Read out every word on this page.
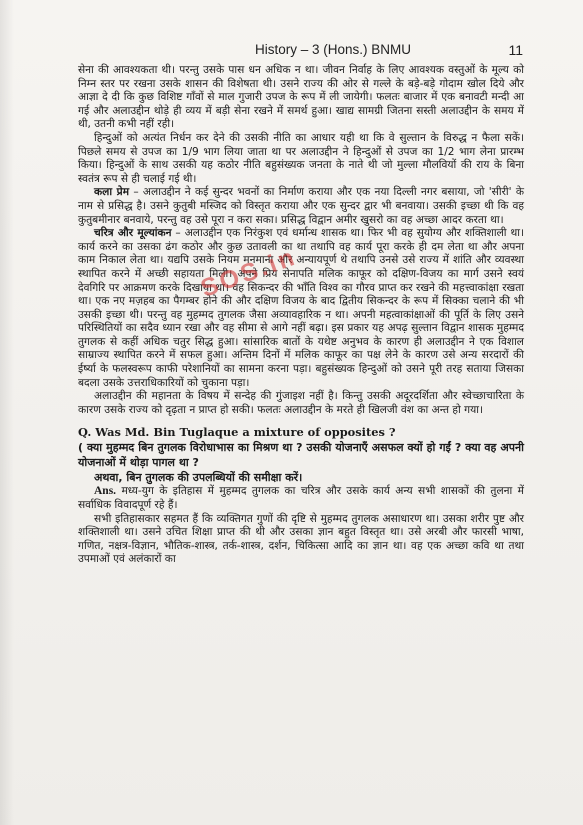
History – 3 (Hons.) BNMU	11

सेना की आवश्यकता थी। परन्तु उसके पास धन अधिक न था। जीवन निर्वाह के लिए आवश्यक वस्तुओं के मूल्य को निम्न स्तर पर रखना उसके शासन की विशेषता थी। उसने राज्य की ओर से गल्ले के बड़े-बड़े गोदाम खोल दिये और आज्ञा दे दी कि कुछ विशिष्ट गाँवों से माल गुजारी उपज के रूप में ली जायेगी। फलतः बाजार में एक बनावटी मन्दी आ गई और अलाउद्दीन थोड़े ही व्यय में बड़ी सेना रखने में समर्थ हुआ। खाद्य सामग्री जितना सस्ती अलाउद्दीन के समय में थी, उतनी कभी नहीं रही।

हिन्दुओं को अत्यंत निर्धन कर देने की उसकी नीति का आधार यही था कि वे सुल्तान के विरुद्ध न फैला सकें। पिछले समय से उपज का 1/9 भाग लिया जाता था पर अलाउद्दीन ने हिन्दुओं से उपज का 1/2 भाग लेना प्रारम्भ किया। हिन्दुओं के साथ उसकी यह कठोर नीति बहुसंख्यक जनता के नाते थी जो मुल्ला मौलवियों की राय के बिना स्वतंत्र रूप से ही चलाई गई थी।

कला प्रेम – अलाउद्दीन ने कई सुन्दर भवनों का निर्माण कराया और एक नया दिल्ली नगर बसाया, जो 'सीरी' के नाम से प्रसिद्ध है। उसने कुतुबी मस्जिद को विस्तृत कराया और एक सुन्दर द्वार भी बनवाया। उसकी इच्छा थी कि वह कुतुबमीनार बनवाये, परन्तु वह उसे पूरा न करा सका। प्रसिद्ध विद्वान अमीर खुसरो का वह अच्छा आदर करता था।

चरित्र और मूल्यांकन – अलाउद्दीन एक निरंकुश एवं धर्मान्ध शासक था। फिर भी वह सुयोग्य और शक्तिशाली था। कार्य करने का उसका ढंग कठोर और कुछ उतावली का था तथापि वह कार्य पूरा करके ही दम लेता था और अपना काम निकाल लेता था। यद्यपि उसके नियम मनमाना और अन्यायपूर्ण थे तथापि उनसे उसे राज्य में शांति और व्यवस्था स्थापित करने में अच्छी सहायता मिली। अपने प्रिय सेनापति मलिक काफूर को दक्षिण-विजय का मार्ग उसने स्वयं देवगिरि पर आक्रमण करके दिखाया था। वह सिकन्दर की भाँति विश्व का गौरव प्राप्त कर रखने की महत्त्वाकांक्षा रखता था। एक नए मज़हब का पैगम्बर होने की और दक्षिण विजय के बाद द्वितीय सिकन्दर के रूप में सिक्का चलाने की भी उसकी इच्छा थी। परन्तु वह मुहम्मद तुगलक जैसा अव्यावहारिक न था। अपनी महत्वाकांक्षाओं की पूर्ति के लिए उसने परिस्थितियों का सदैव ध्यान रखा और वह सीमा से आगे नहीं बढ़ा। इस प्रकार यह अपढ़ सुल्तान विद्वान शासक मुहम्मद तुगलक से कहीं अधिक चतुर सिद्ध हुआ। सांसारिक बातों के यथेष्ट अनुभव के कारण ही अलाउद्दीन ने एक विशाल साम्राज्य स्थापित करने में सफल हुआ। अन्तिम दिनों में मलिक काफूर का पक्ष लेने के कारण उसे अन्य सरदारों की ईर्ष्या के फलस्वरूप काफी परेशानियों का सामना करना पड़ा। बहुसंख्यक हिन्दुओं को उसने पूरी तरह सताया जिसका बदला उसके उत्तराधिकारियों को चुकाना पड़ा।

अलाउद्दीन की महानता के विषय में सन्देह की गुंजाइश नहीं है। किन्तु उसकी अदूरदर्शिता और स्वेच्छाचारिता के कारण उसके राज्य को दृढ़ता न प्राप्त हो सकी। फलतः अलाउद्दीन के मरते ही खिलजी वंश का अन्त हो गया।

Q. Was Md. Bin Tuglaque a mixture of opposites ?

( क्या मुहम्मद बिन तुगलक विरोधाभास का मिश्रण था ? उसकी योजनाएँ असफल क्यों हो गईं ? क्या वह अपनी योजनाओं में थोड़ा पागल था ?

अथवा, बिन तुगलक की उपलब्धियों की समीक्षा करें।

Ans. मध्य-युग के इतिहास में मुहम्मद तुगलक का चरित्र और उसके कार्य अन्य सभी शासकों की तुलना में सर्वाधिक विवादपूर्ण रहे हैं।

सभी इतिहासकार सहमत हैं कि व्यक्तिगत गुणों की दृष्टि से मुहम्मद तुगलक असाधारण था। उसका शरीर पुष्ट और शक्तिशाली था। उसने उचित शिक्षा प्राप्त की थी और उसका ज्ञान बहुत विस्तृत था। उसे अरबी और फारसी भाषा, गणित, नक्षत्र-विज्ञान, भौतिक-शास्त्र, तर्क-शास्त्र, दर्शन, चिकित्सा आदि का ज्ञान था। वह एक अच्छा कवि था तथा उपमाओं एवं अलंकारों का

SOS.in
